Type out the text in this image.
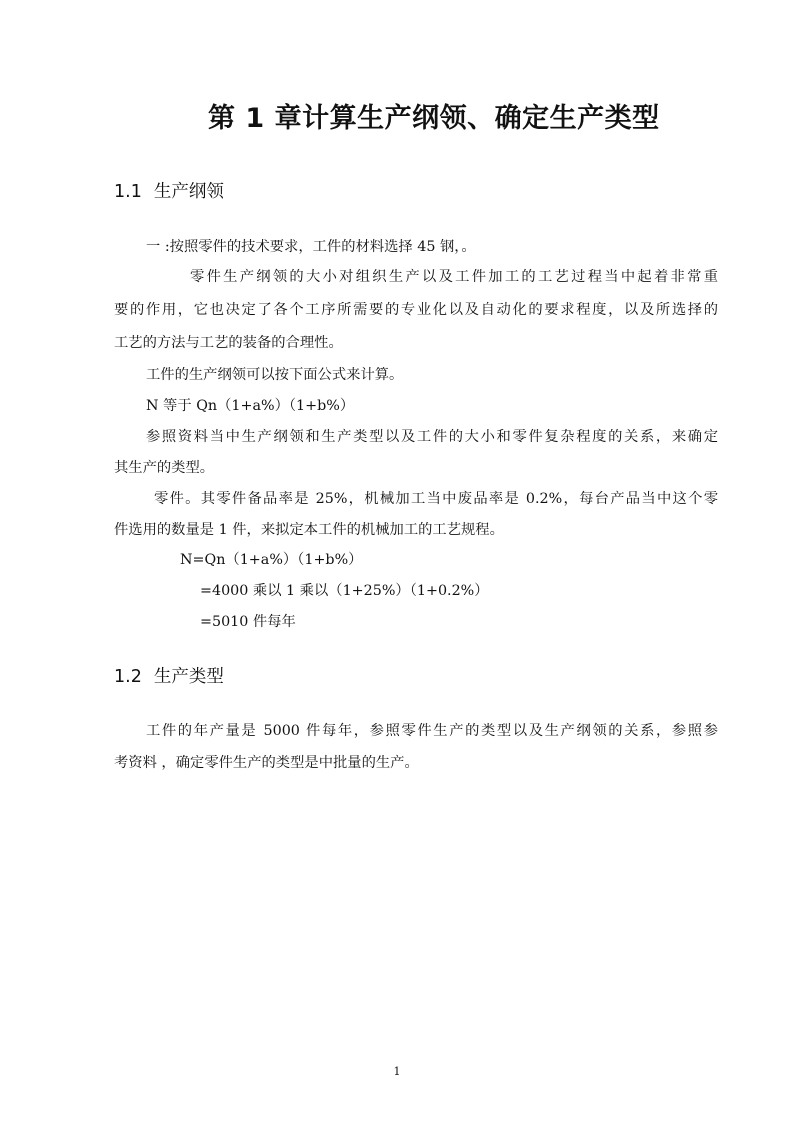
第 1 章计算生产纲领、确定生产类型
1.1 生产纲领
一 :按照零件的技术要求，工件的材料选择 45 钢，。
零件生产纲领的大小对组织生产以及工件加工的工艺过程当中起着非常重
要的作用，它也决定了各个工序所需要的专业化以及自动化的要求程度，以及所选择的
工艺的方法与工艺的装备的合理性。
工件的生产纲领可以按下面公式来计算。
N 等于 Qn（1+a%）（1+b%）
参照资料当中生产纲领和生产类型以及工件的大小和零件复杂程度的关系，来确定
其生产的类型。
零件。其零件备品率是 25%，机械加工当中废品率是 0.2%，每台产品当中这个零
件选用的数量是 1 件，来拟定本工件的机械加工的工艺规程。
N=Qn（1+a%）（1+b%）
=4000 乘以 1 乘以（1+25%）（1+0.2%）
=5010 件每年
1.2 生产类型
工件的年产量是 5000 件每年，参照零件生产的类型以及生产纲领的关系，参照参
考资料 ，确定零件生产的类型是中批量的生产。
1
